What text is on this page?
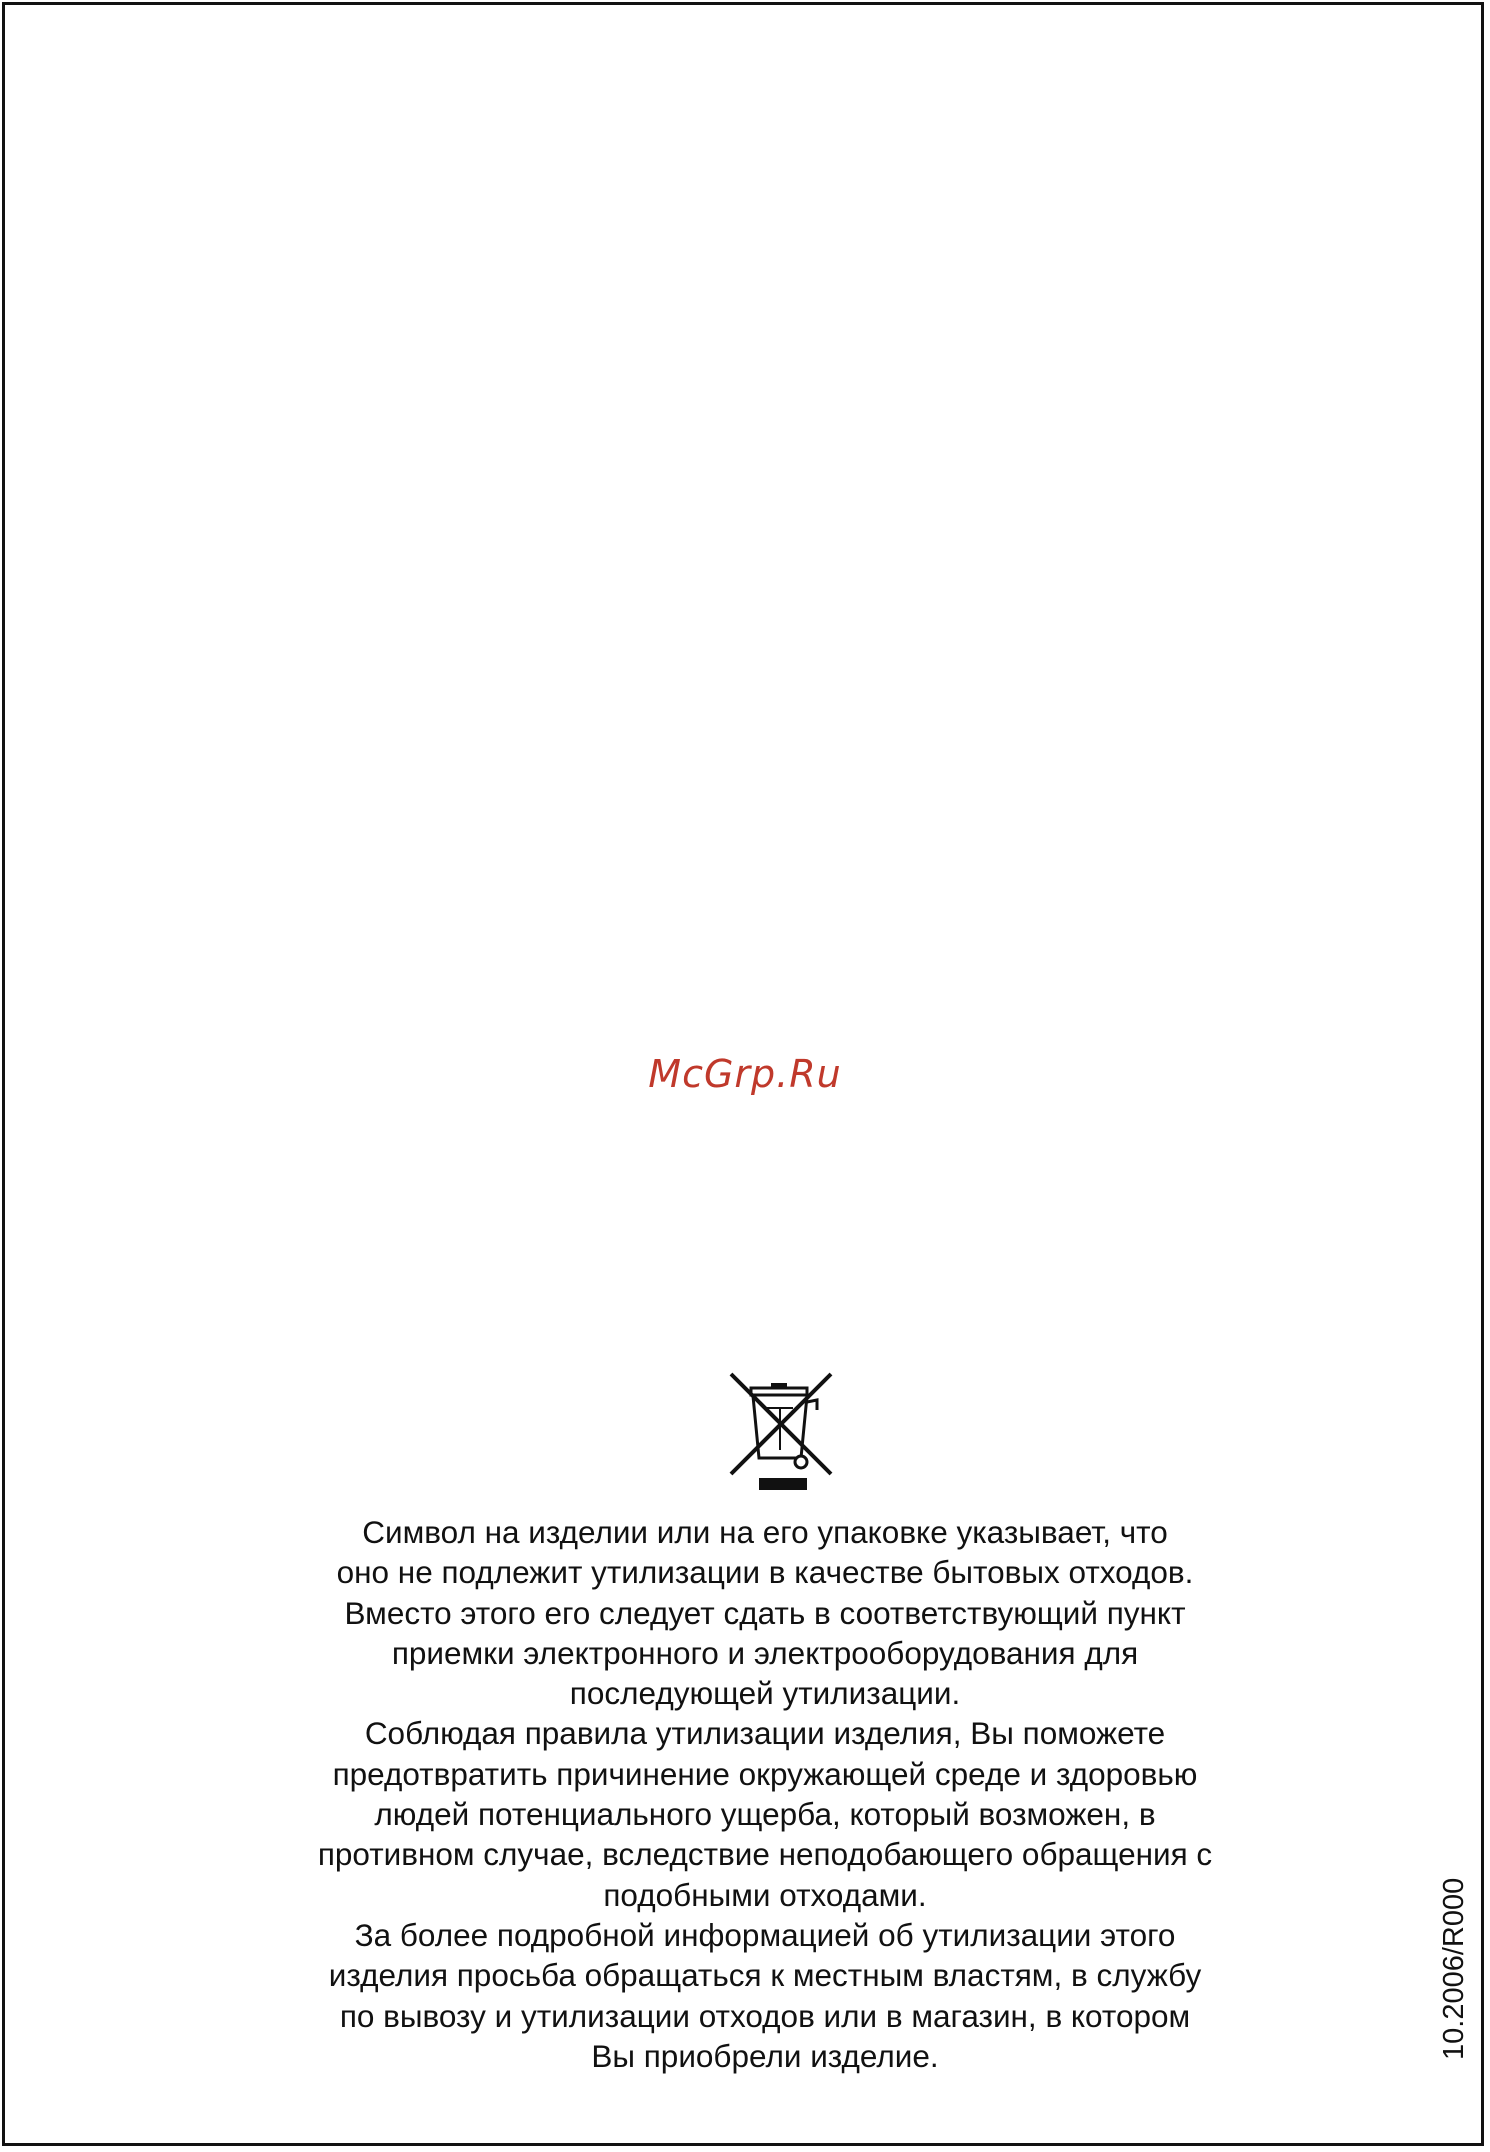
McGrp.Ru
Символ на изделии или на его упаковке указывает, что
оно не подлежит утилизации в качестве бытовых отходов.
Вместо этого его следует сдать в соответствующий пункт
приемки электронного и электрооборудования для
последующей утилизации.
Соблюдая правила утилизации изделия, Вы поможете
предотвратить причинение окружающей среде и здоровью
людей потенциального ущерба, который возможен, в
противном случае, вследствие неподобающего обращения с
подобными отходами.
За более подробной информацией об утилизации этого
изделия просьба обращаться к местным властям, в службу
по вывозу и утилизации отходов или в магазин, в котором
Вы приобрели изделие.	10.2006/R000
